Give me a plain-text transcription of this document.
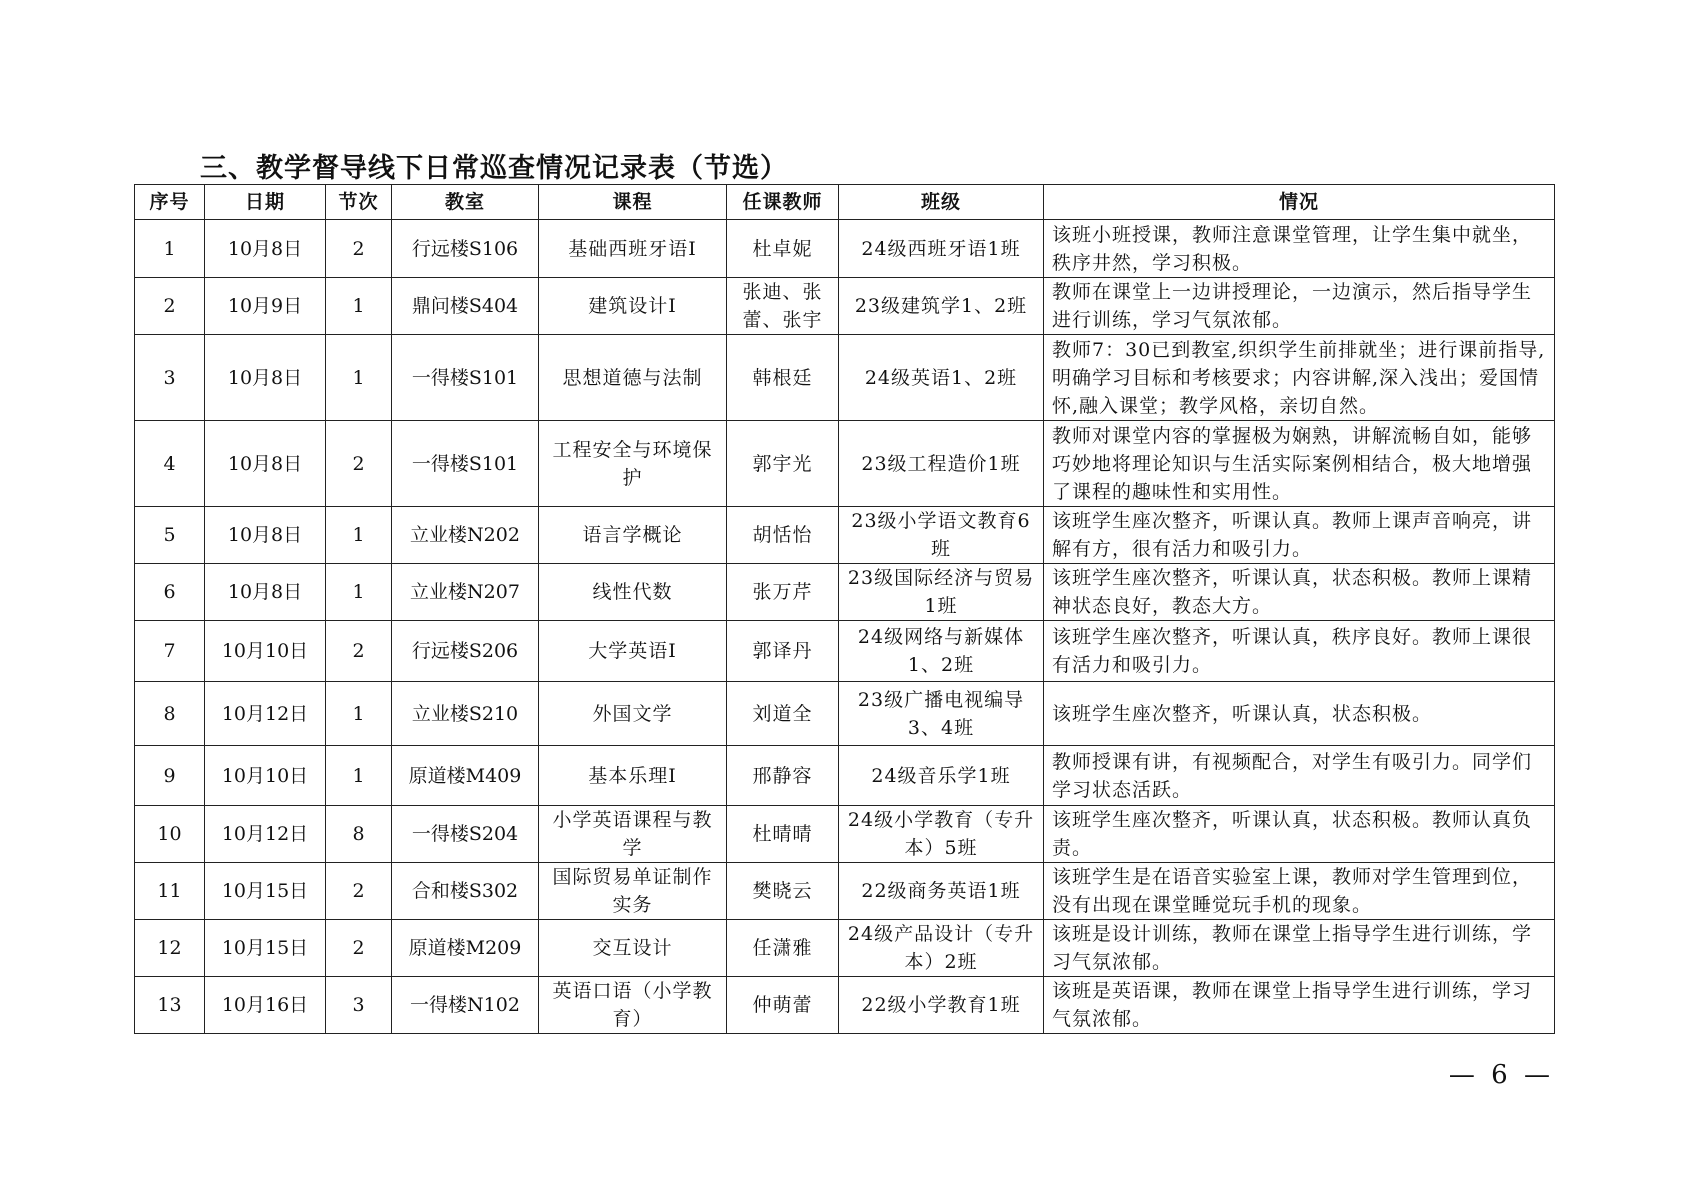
三、教学督导线下日常巡查情况记录表（节选）
序号	日期	节次	教室	课程	任课教师	班级	情况
1	10月8日	2	行远楼S106	基础西班牙语Ⅰ	杜卓妮	24级西班牙语1班	该班小班授课，教师注意课堂管理，让学生集中就坐，秩序井然，学习积极。
2	10月9日	1	鼎问楼S404	建筑设计Ⅰ	张迪、张蕾、张宇	23级建筑学1、2班	教师在课堂上一边讲授理论，一边演示，然后指导学生进行训练，学习气氛浓郁。
3	10月8日	1	一得楼S101	思想道德与法制	韩根廷	24级英语1、2班	教师7：30已到教室,织织学生前排就坐；进行课前指导,明确学习目标和考核要求；内容讲解,深入浅出；爱国情怀,融入课堂；教学风格，亲切自然。
4	10月8日	2	一得楼S101	工程安全与环境保护	郭宇光	23级工程造价1班	教师对课堂内容的掌握极为娴熟，讲解流畅自如，能够巧妙地将理论知识与生活实际案例相结合，极大地增强了课程的趣味性和实用性。
5	10月8日	1	立业楼N202	语言学概论	胡恬怡	23级小学语文教育6班	该班学生座次整齐，听课认真。教师上课声音响亮，讲解有方，很有活力和吸引力。
6	10月8日	1	立业楼N207	线性代数	张万芹	23级国际经济与贸易1班	该班学生座次整齐，听课认真，状态积极。教师上课精神状态良好，教态大方。
7	10月10日	2	行远楼S206	大学英语Ⅰ	郭译丹	24级网络与新媒体1、2班	该班学生座次整齐，听课认真，秩序良好。教师上课很有活力和吸引力。
8	10月12日	1	立业楼S210	外国文学	刘道全	23级广播电视编导3、4班	该班学生座次整齐，听课认真，状态积极。
9	10月10日	1	原道楼M409	基本乐理Ⅰ	邢静容	24级音乐学1班	教师授课有讲，有视频配合，对学生有吸引力。同学们学习状态活跃。
10	10月12日	8	一得楼S204	小学英语课程与教学	杜晴晴	24级小学教育（专升本）5班	该班学生座次整齐，听课认真，状态积极。教师认真负责。
11	10月15日	2	合和楼S302	国际贸易单证制作实务	樊晓云	22级商务英语1班	该班学生是在语音实验室上课，教师对学生管理到位，没有出现在课堂睡觉玩手机的现象。
12	10月15日	2	原道楼M209	交互设计	任潇雅	24级产品设计（专升本）2班	该班是设计训练，教师在课堂上指导学生进行训练，学习气氛浓郁。
13	10月16日	3	一得楼N102	英语口语（小学教育）	仲萌蕾	22级小学教育1班	该班是英语课，教师在课堂上指导学生进行训练，学习气氛浓郁。
— 6 —
